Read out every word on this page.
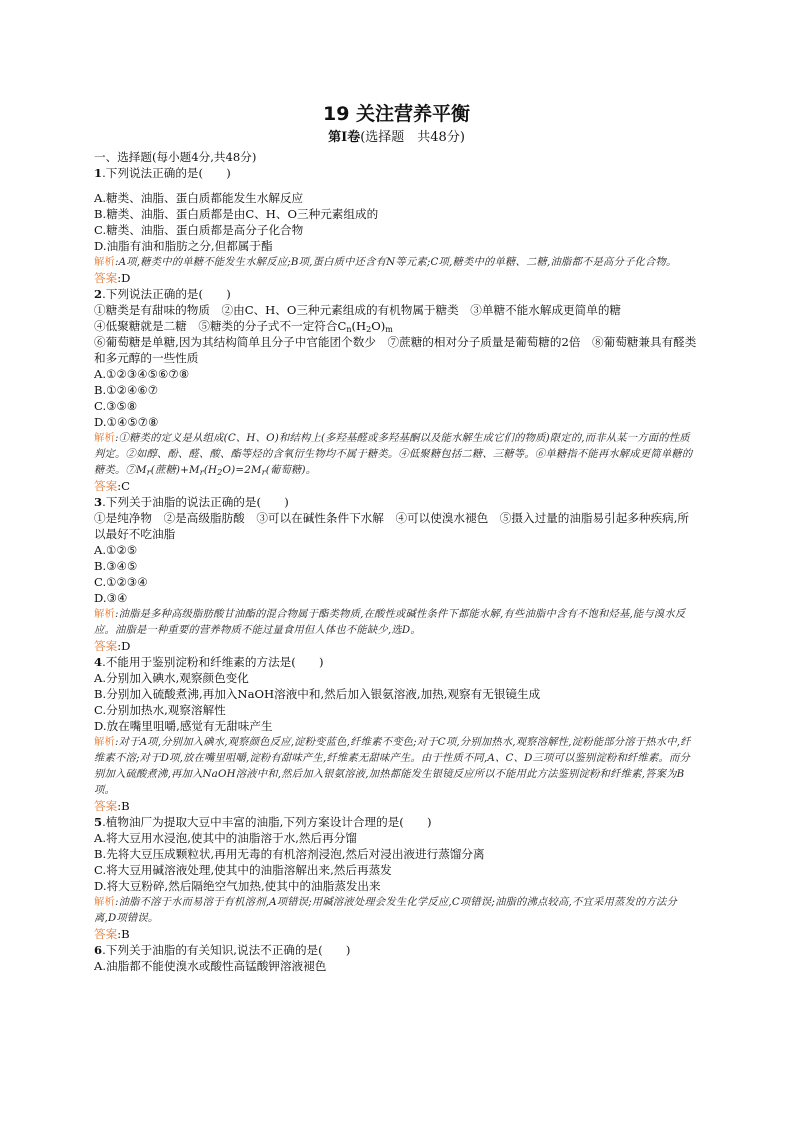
19 关注营养平衡
第Ⅰ卷(选择题　共48分)
一、选择题(每小题4分,共48分)
1.下列说法正确的是(　　)
A.糖类、油脂、蛋白质都能发生水解反应
B.糖类、油脂、蛋白质都是由C、H、O三种元素组成的
C.糖类、油脂、蛋白质都是高分子化合物
D.油脂有油和脂肪之分,但都属于酯
解析:A项,糖类中的单糖不能发生水解反应;B项,蛋白质中还含有N等元素;C项,糖类中的单糖、二糖,油脂都不是高分子化合物。
答案:D
2.下列说法正确的是(　　)
①糖类是有甜味的物质　②由C、H、O三种元素组成的有机物属于糖类　③单糖不能水解成更简单的糖
④低聚糖就是二糖　⑤糖类的分子式不一定符合$C_n(H_2O)_m$
⑥葡萄糖是单糖,因为其结构简单且分子中官能团个数少　⑦蔗糖的相对分子质量是葡萄糖的2倍　⑧葡萄糖兼具有醛类和多元醇的一些性质
A.①②③④⑤⑥⑦⑧
B.①②④⑥⑦
C.③⑤⑧
D.①④⑤⑦⑧
解析:①糖类的定义是从组成(C、H、O)和结构上(多羟基醛或多羟基酮以及能水解生成它们的物质)限定的,而非从某一方面的性质判定。②如醇、酚、醛、酸、酯等烃的含氧衍生物均不属于糖类。④低聚糖包括二糖、三糖等。⑥单糖指不能再水解成更简单糖的糖类。$⑦M_r$(蔗糖)$+M_r(H_2O)=2M_r$(葡萄糖)。
答案:C
3.下列关于油脂的说法正确的是(　　)
①是纯净物　②是高级脂肪酸　③可以在碱性条件下水解　④可以使溴水褪色　⑤摄入过量的油脂易引起多种疾病,所以最好不吃油脂
A.①②⑤
B.③④⑤
C.①②③④
D.③④
解析:油脂是多种高级脂肪酸甘油酯的混合物属于酯类物质,在酸性或碱性条件下都能水解,有些油脂中含有不饱和烃基,能与溴水反应。油脂是一种重要的营养物质不能过量食用但人体也不能缺少,选D。
答案:D
4.不能用于鉴别淀粉和纤维素的方法是(　　)
A.分别加入碘水,观察颜色变化
B.分别加入硫酸煮沸,再加入NaOH溶液中和,然后加入银氨溶液,加热,观察有无银镜生成
C.分别加热水,观察溶解性
D.放在嘴里咀嚼,感觉有无甜味产生
解析:对于A项,分别加入碘水,观察颜色反应,淀粉变蓝色,纤维素不变色;对于C项,分别加热水,观察溶解性,淀粉能部分溶于热水中,纤维素不溶;对于D项,放在嘴里咀嚼,淀粉有甜味产生,纤维素无甜味产生。由于性质不同,A、C、D三项可以鉴别淀粉和纤维素。而分别加入硫酸煮沸,再加入NaOH溶液中和,然后加入银氨溶液,加热都能发生银镜反应所以不能用此方法鉴别淀粉和纤维素,答案为B项。
答案:B
5.植物油厂为提取大豆中丰富的油脂,下列方案设计合理的是(　　)
A.将大豆用水浸泡,使其中的油脂溶于水,然后再分馏
B.先将大豆压成颗粒状,再用无毒的有机溶剂浸泡,然后对浸出液进行蒸馏分离
C.将大豆用碱溶液处理,使其中的油脂溶解出来,然后再蒸发
D.将大豆粉碎,然后隔绝空气加热,使其中的油脂蒸发出来
解析:油脂不溶于水而易溶于有机溶剂,A项错误;用碱溶液处理会发生化学反应,C项错误;油脂的沸点较高,不宜采用蒸发的方法分离,D项错误。
答案:B
6.下列关于油脂的有关知识,说法不正确的是(　　)
A.油脂都不能使溴水或酸性高锰酸钾溶液褪色
